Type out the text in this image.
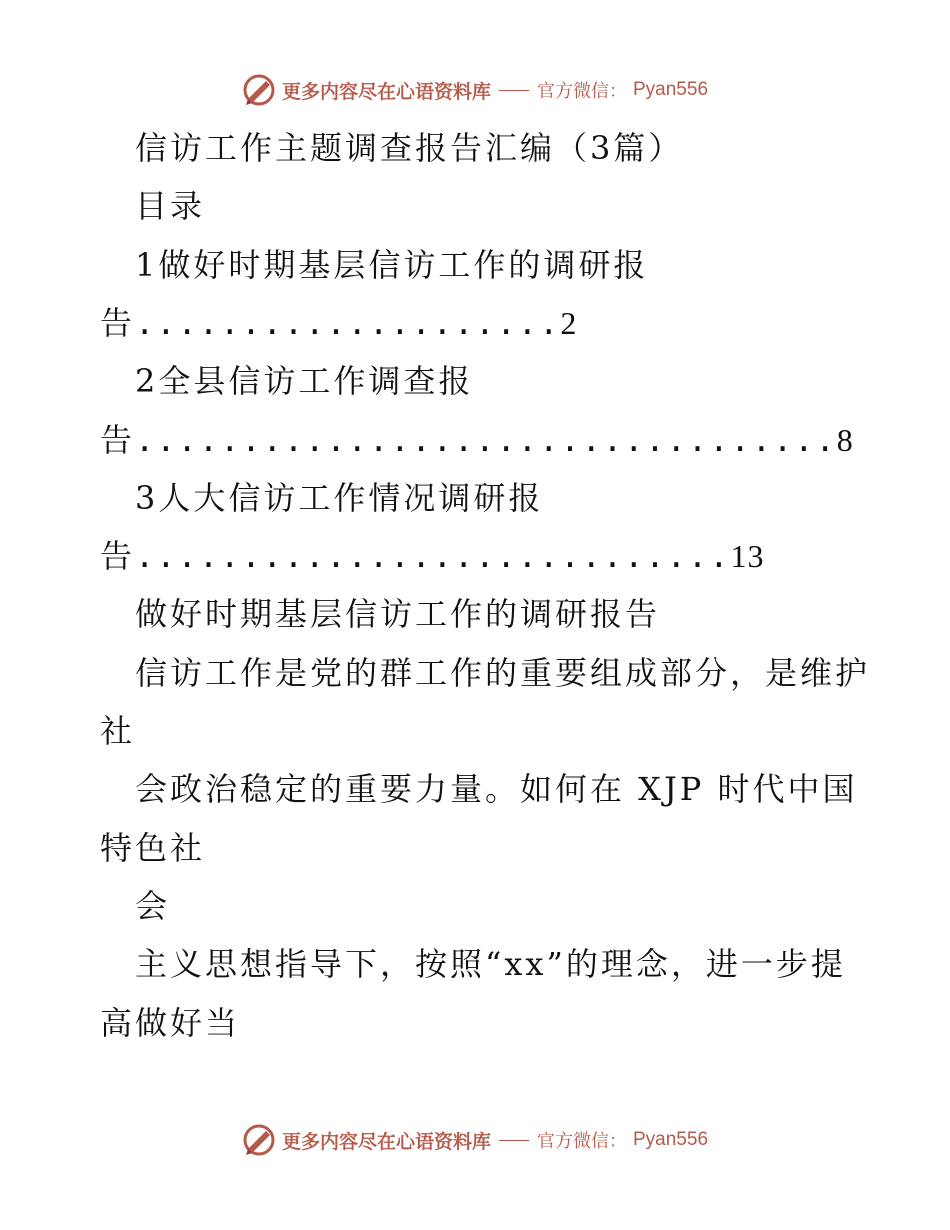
更多内容尽在心语资料库	官方微信： Pyan556
信访工作主题调查报告汇编（3篇）
目录
1做好时期基层信访工作的调研报
告....................2
2全县信访工作调查报
告.................................8
3人大信访工作情况调研报
告............................13
做好时期基层信访工作的调研报告
信访工作是党的群工作的重要组成部分，是维护
社
会政治稳定的重要力量。如何在 XJP 时代中国
特色社
会
主义思想指导下，按照“xx”的理念，进一步提
高做好当
更多内容尽在心语资料库	官方微信： Pyan556
